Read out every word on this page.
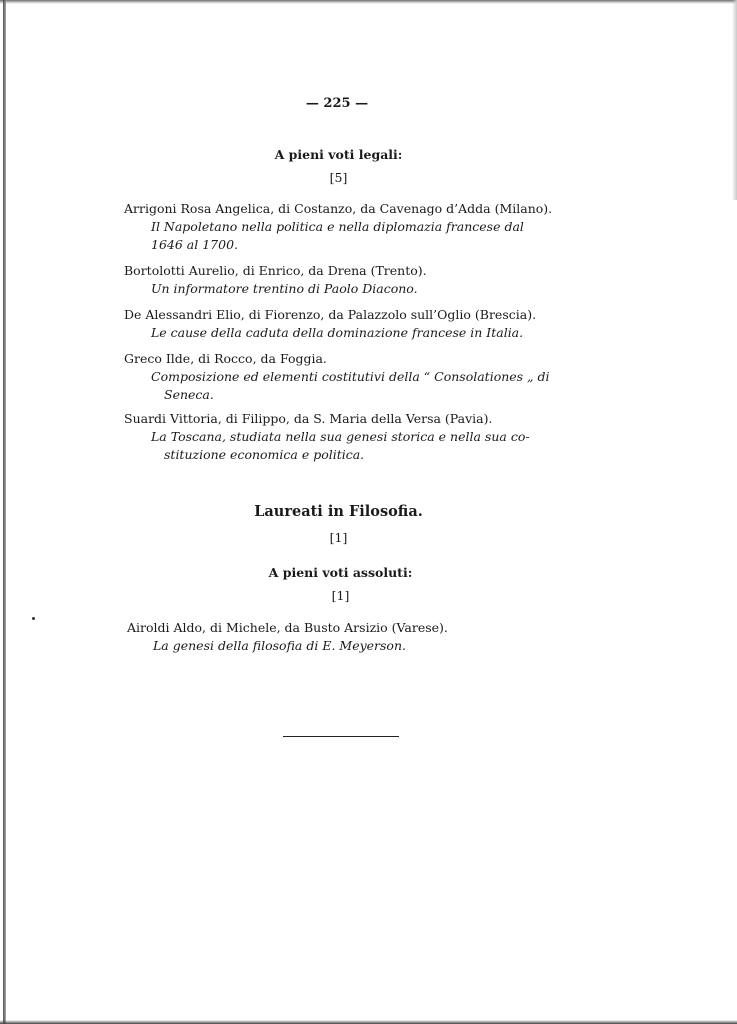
— 225 —
A pieni voti legali:
[5]
Arrigoni Rosa Angelica, di Costanzo, da Cavenago d’Adda (Milano).
Il Napoletano nella politica e nella diplomazia francese dal
1646 al 1700.
Bortolotti Aurelio, di Enrico, da Drena (Trento).
Un informatore trentino di Paolo Diacono.
De Alessandri Elio, di Fiorenzo, da Palazzolo sull’Oglio (Brescia).
Le cause della caduta della dominazione francese in Italia.
Greco Ilde, di Rocco, da Foggia.
Composizione ed elementi costitutivi della “ Consolationes „ di
Seneca.
Suardi Vittoria, di Filippo, da S. Maria della Versa (Pavia).
La Toscana, studiata nella sua genesi storica e nella sua co-
stituzione economica e politica.
Laureati in Filosofia.
[1]
A pieni voti assoluti:
[1]
Airoldi Aldo, di Michele, da Busto Arsizio (Varese).
La genesi della filosofia di E. Meyerson.
